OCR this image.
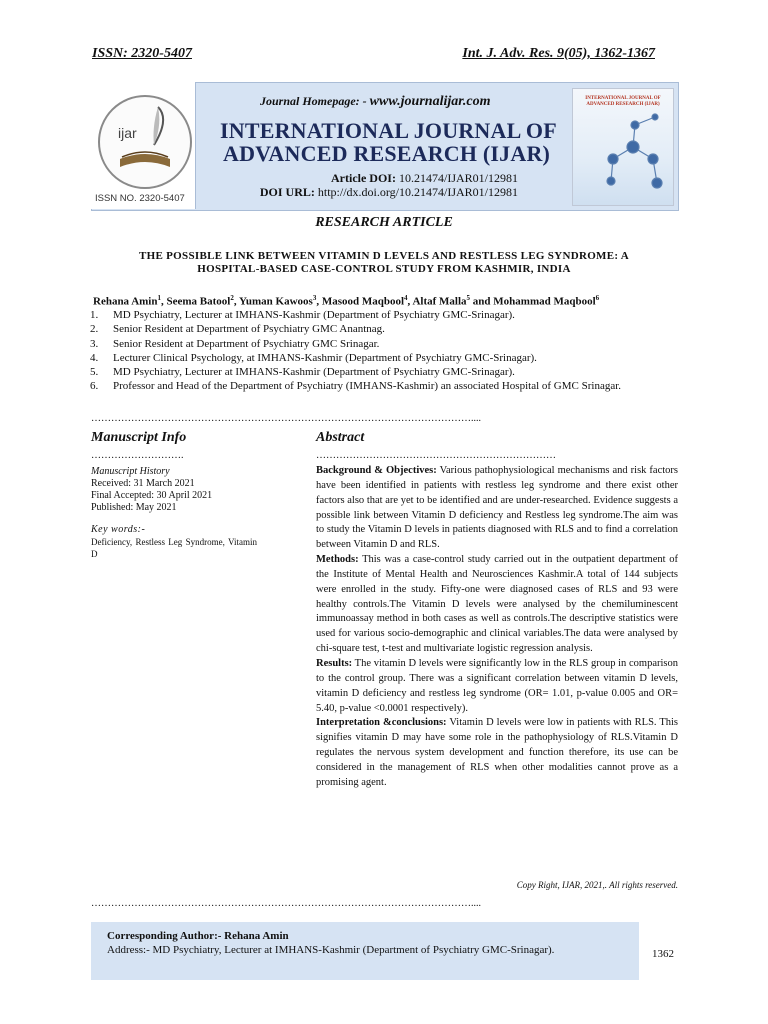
ISSN: 2320-5407	Int. J. Adv. Res. 9(05), 1362-1367
ijar
ISSN NO. 2320-5407
Journal Homepage: - www.journalijar.com
INTERNATIONAL JOURNAL OF
ADVANCED RESEARCH (IJAR)
Article DOI: 10.21474/IJAR01/12981
DOI URL: http://dx.doi.org/10.21474/IJAR01/12981
INTERNATIONAL JOURNAL OF ADVANCED RESEARCH (IJAR)
RESEARCH ARTICLE
THE POSSIBLE LINK BETWEEN VITAMIN D LEVELS AND RESTLESS LEG SYNDROME: A
HOSPITAL-BASED CASE-CONTROL STUDY FROM KASHMIR, INDIA
Rehana Amin$^1$, Seema Batool$^2$, Yuman Kawoos$^3$, Masood Maqbool$^4$, Altaf Malla$^5$ and Mohammad Maqbool$^6$
1.	MD Psychiatry, Lecturer at IMHANS-Kashmir (Department of Psychiatry GMC-Srinagar).
2.	Senior Resident at Department of Psychiatry GMC Anantnag.
3.	Senior Resident at Department of Psychiatry GMC Srinagar.
4.	Lecturer Clinical Psychology, at IMHANS-Kashmir (Department of Psychiatry GMC-Srinagar).
5.	MD Psychiatry, Lecturer at IMHANS-Kashmir (Department of Psychiatry GMC-Srinagar).
6.	Professor and Head of the Department of Psychiatry (IMHANS-Kashmir) an associated Hospital of GMC Srinagar.
……………………………………………………………………………………………………....
Manuscript Info
……………………….
Manuscript History
Received: 31 March 2021
Final Accepted: 30 April 2021
Published: May 2021
Key words:-
Deficiency, Restless Leg Syndrome, Vitamin D
Abstract
………………………………………………………………
Background & Objectives: Various pathophysiological mechanisms and risk factors have been identified in patients with restless leg syndrome and there exist other factors also that are yet to be identified and are under-researched. Evidence suggests a possible link between Vitamin D deficiency and Restless leg syndrome.The aim was to study the Vitamin D levels in patients diagnosed with RLS and to find a correlation between Vitamin D and RLS.
Methods: This was a case-control study carried out in the outpatient department of the Institute of Mental Health and Neurosciences Kashmir.A total of 144 subjects were enrolled in the study. Fifty-one were diagnosed cases of RLS and 93 were healthy controls.The Vitamin D levels were analysed by the chemiluminescent immunoassay method in both cases as well as controls.The descriptive statistics were used for various socio-demographic and clinical variables.The data were analysed by chi-square test, t-test and multivariate logistic regression analysis.
Results: The vitamin D levels were significantly low in the RLS group in comparison to the control group. There was a significant correlation between vitamin D levels, vitamin D deficiency and restless leg syndrome (OR= 1.01, p-value 0.005 and OR= 5.40, p-value <0.0001 respectively).
Interpretation &conclusions: Vitamin D levels were low in patients with RLS. This signifies vitamin D may have some role in the pathophysiology of RLS.Vitamin D regulates the nervous system development and function therefore, its use can be considered in the management of RLS when other modalities cannot prove as a promising agent.
Copy Right, IJAR, 2021,. All rights reserved.
……………………………………………………………………………………………………....
Corresponding Author:- Rehana Amin
Address:- MD Psychiatry, Lecturer at IMHANS-Kashmir (Department of Psychiatry GMC-Srinagar).	1362
